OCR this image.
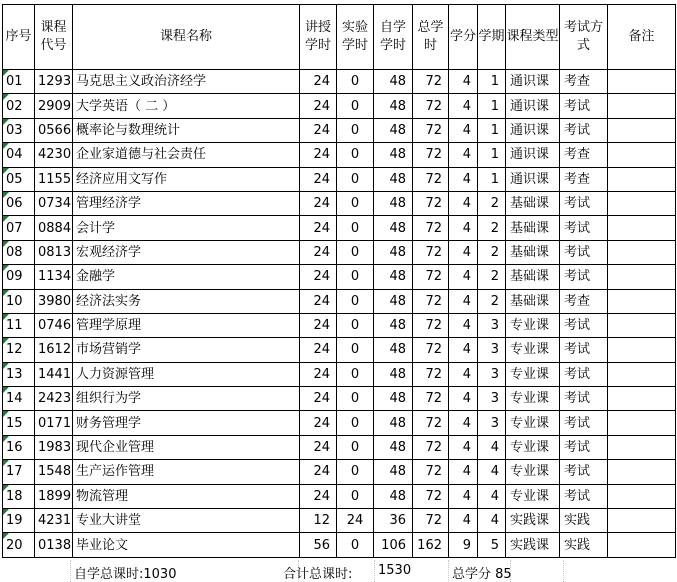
序号	课程代号	课程名称	讲授学时	实验学时	自学学时	总学时	学分	学期	课程类型	考试方式	备注

01	1293	马克思主义政治济经学	24	0	48	72	4	1	通识课	考查	

02	2909	大学英语（ 二 ）	24	0	48	72	4	1	通识课	考试	

03	0566	概率论与数理统计	24	0	48	72	4	1	通识课	考试	

04	4230	企业家道德与社会责任	24	0	48	72	4	1	通识课	考查	

05	1155	经济应用文写作	24	0	48	72	4	1	通识课	考查	

06	0734	管理经济学	24	0	48	72	4	2	基础课	考试	

07	0884	会计学	24	0	48	72	4	2	基础课	考试	

08	0813	宏观经济学	24	0	48	72	4	2	基础课	考试	

09	1134	金融学	24	0	48	72	4	2	基础课	考试	

10	3980	经济法实务	24	0	48	72	4	2	基础课	考查	

11	0746	管理学原理	24	0	48	72	4	3	专业课	考试	

12	1612	市场营销学	24	0	48	72	4	3	专业课	考试	

13	1441	人力资源管理	24	0	48	72	4	3	专业课	考试	

14	2423	组织行为学	24	0	48	72	4	3	专业课	考试	

15	0171	财务管理学	24	0	48	72	4	3	专业课	考试	

16	1983	现代企业管理	24	0	48	72	4	4	专业课	考试	

17	1548	生产运作管理	24	0	48	72	4	4	专业课	考试	

18	1899	物流管理	24	0	48	72	4	4	专业课	考试	

19	4231	专业大讲堂	12	24	36	72	4	4	实践课	实践	

20	0138	毕业论文	56	0	106	162	9	5	实践课	实践	
自学总课时:1030	合计总课时: 1530	总学分 85
